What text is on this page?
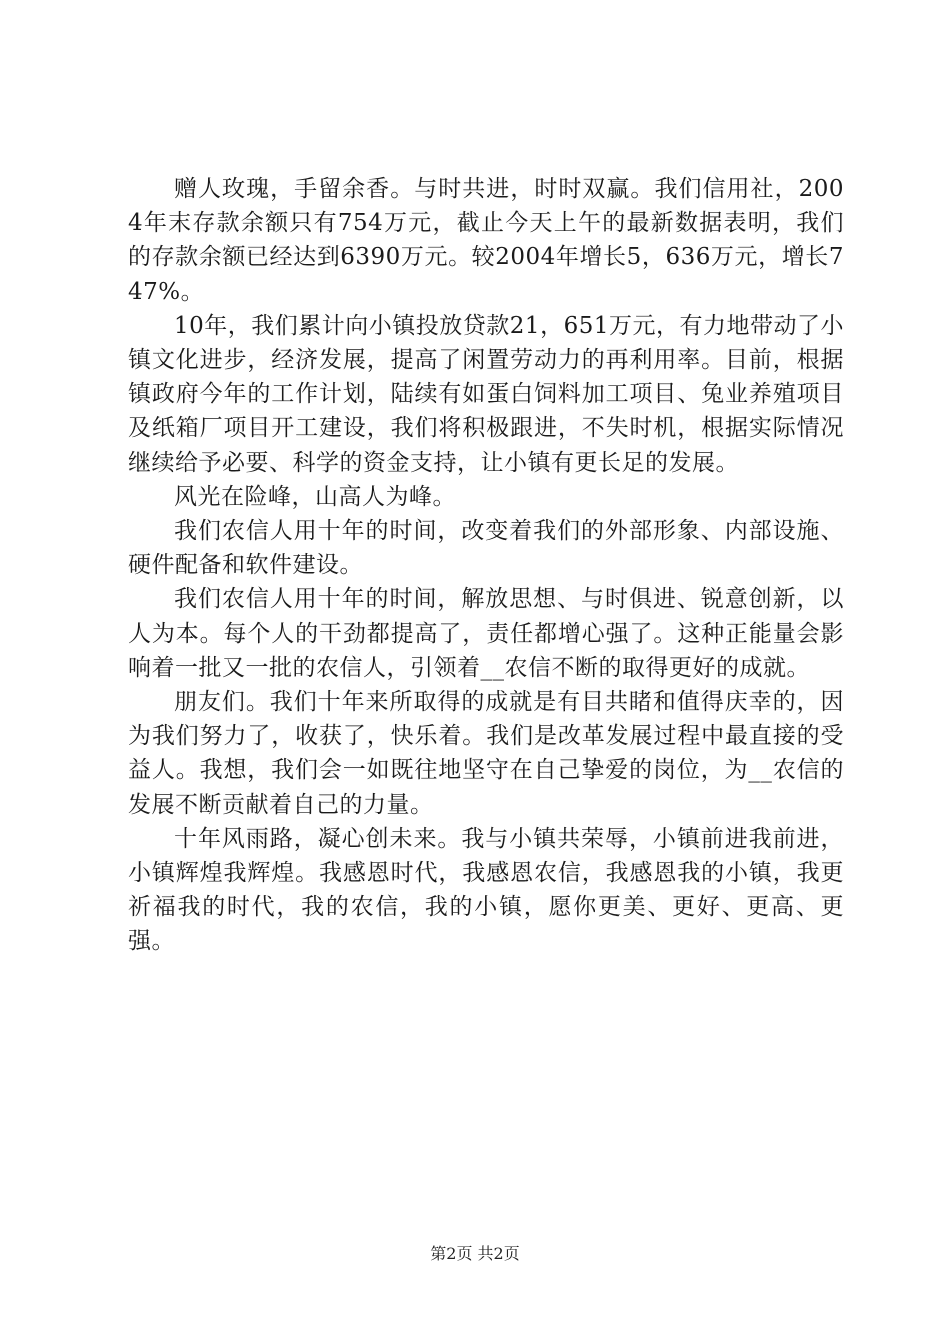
赠人玫瑰，手留余香。与时共进，时时双赢。我们信用社，2004年末存款余额只有754万元，截止今天上午的最新数据表明，我们的存款余额已经达到6390万元。较2004年增长5，636万元，增长747%。

10年，我们累计向小镇投放贷款21，651万元，有力地带动了小镇文化进步，经济发展，提高了闲置劳动力的再利用率。目前，根据镇政府今年的工作计划，陆续有如蛋白饲料加工项目、兔业养殖项目及纸箱厂项目开工建设，我们将积极跟进，不失时机，根据实际情况继续给予必要、科学的资金支持，让小镇有更长足的发展。

风光在险峰，山高人为峰。

我们农信人用十年的时间，改变着我们的外部形象、内部设施、硬件配备和软件建设。

我们农信人用十年的时间，解放思想、与时俱进、锐意创新，以人为本。每个人的干劲都提高了，责任都增心强了。这种正能量会影响着一批又一批的农信人，引领着__农信不断的取得更好的成就。

朋友们。我们十年来所取得的成就是有目共睹和值得庆幸的，因为我们努力了，收获了，快乐着。我们是改革发展过程中最直接的受益人。我想，我们会一如既往地坚守在自己挚爱的岗位，为__农信的发展不断贡献着自己的力量。

十年风雨路，凝心创未来。我与小镇共荣辱，小镇前进我前进，小镇辉煌我辉煌。我感恩时代，我感恩农信，我感恩我的小镇，我更祈福我的时代，我的农信，我的小镇，愿你更美、更好、更高、更强。

第2页 共2页
